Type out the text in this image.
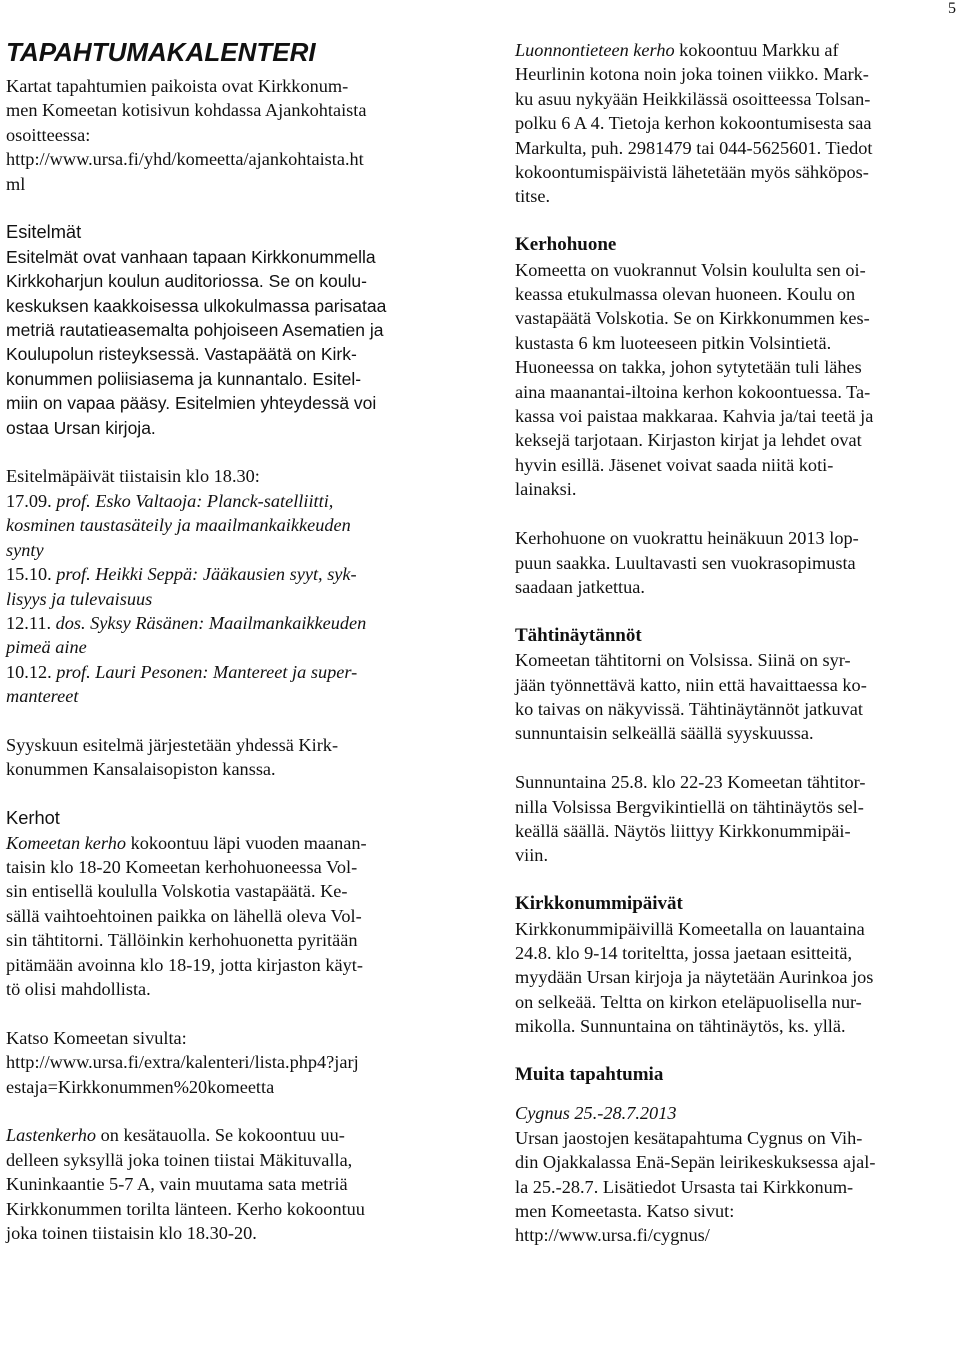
5
TAPAHTUMAKALENTERI

Kartat tapahtumien paikoista ovat Kirkkonum-
men Komeetan kotisivun kohdassa Ajankohtaista
osoitteessa:
http://www.ursa.fi/yhd/komeetta/ajankohtaista.ht
ml

Esitelmät

Esitelmät ovat vanhaan tapaan Kirkkonummella
Kirkkoharjun koulun auditoriossa. Se on koulu-
keskuksen kaakkoisessa ulkokulmassa parisataa
metriä rautatieasemalta pohjoiseen Asematien ja
Koulupolun risteyksessä. Vastapäätä on Kirk-
konummen poliisiasema ja kunnantalo. Esitel-
miin on vapaa pääsy. Esitelmien yhteydessä voi
ostaa Ursan kirjoja.

Esitelmäpäivät tiistaisin klo 18.30:

17.09. prof. Esko Valtaoja: Planck-satelliitti,

kosminen taustasäteily ja maailmankaikkeuden
synty

15.10. prof. Heikki Seppä: Jääkausien syyt, syk-

lisyys ja tulevaisuus

12.11. dos. Syksy Räsänen: Maailmankaikkeuden

pimeä aine

10.12. prof. Lauri Pesonen: Mantereet ja super-

mantereet

Syyskuun esitelmä järjestetään yhdessä Kirk-
konummen Kansalaisopiston kanssa.

Kerhot

Komeetan kerho kokoontuu läpi vuoden maanan-
taisin klo 18-20 Komeetan kerhohuoneessa Vol-
sin entisellä koululla Volskotia vastapäätä. Ke-
sällä vaihtoehtoinen paikka on lähellä oleva Vol-
sin tähtitorni. Tällöinkin kerhohuonetta pyritään
pitämään avoinna klo 18-19, jotta kirjaston käyt-
tö olisi mahdollista.

Katso Komeetan sivulta:
http://www.ursa.fi/extra/kalenteri/lista.php4?jarj
estaja=Kirkkonummen%20komeetta

Lastenkerho on kesätauolla. Se kokoontuu uu-
delleen syksyllä joka toinen tiistai Mäkituvalla,
Kuninkaantie 5-7 A, vain muutama sata metriä
Kirkkonummen torilta länteen. Kerho kokoontuu
joka toinen tiistaisin klo 18.30-20.

Luonnontieteen kerho kokoontuu Markku af
Heurlinin kotona noin joka toinen viikko. Mark-
ku asuu nykyään Heikkilässä osoitteessa Tolsan-
polku 6 A 4. Tietoja kerhon kokoontumisesta saa
Markulta, puh. 2981479 tai 044-5625601. Tiedot
kokoontumispäivistä lähetetään myös sähköpos-
titse.

Kerhohuone

Komeetta on vuokrannut Volsin koululta sen oi-
keassa etukulmassa olevan huoneen. Koulu on
vastapäätä Volskotia. Se on Kirkkonummen kes-
kustasta 6 km luoteeseen pitkin Volsintietä.
Huoneessa on takka, johon sytytetään tuli lähes
aina maanantai-iltoina kerhon kokoontuessa. Ta-
kassa voi paistaa makkaraa. Kahvia ja/tai teetä ja
keksejä tarjotaan. Kirjaston kirjat ja lehdet ovat
hyvin esillä. Jäsenet voivat saada niitä koti-
lainaksi.

Kerhohuone on vuokrattu heinäkuun 2013 lop-
puun saakka. Luultavasti sen vuokrasopimusta
saadaan jatkettua.

Tähtinäytännöt

Komeetan tähtitorni on Volsissa. Siinä on syr-
jään työnnettävä katto, niin että havaittaessa ko-
ko taivas on näkyvissä. Tähtinäytännöt jatkuvat
sunnuntaisin selkeällä säällä syyskuussa.

Sunnuntaina 25.8. klo 22-23 Komeetan tähtitor-
nilla Volsissa Bergvikintiellä on tähtinäytös sel-
keällä säällä. Näytös liittyy Kirkkonummipäi-
viin.

Kirkkonummipäivät

Kirkkonummipäivillä Komeetalla on lauantaina
24.8. klo 9-14 toriteltta, jossa jaetaan esitteitä,
myydään Ursan kirjoja ja näytetään Aurinkoa jos
on selkeää. Teltta on kirkon eteläpuolisella nur-
mikolla. Sunnuntaina on tähtinäytös, ks. yllä.

Muita tapahtumia

Cygnus 25.-28.7.2013
Ursan jaostojen kesätapahtuma Cygnus on Vih-
din Ojakkalassa Enä-Sepän leirikeskuksessa ajal-
la 25.-28.7. Lisätiedot Ursasta tai Kirkkonum-
men Komeetasta. Katso sivut:
http://www.ursa.fi/cygnus/
